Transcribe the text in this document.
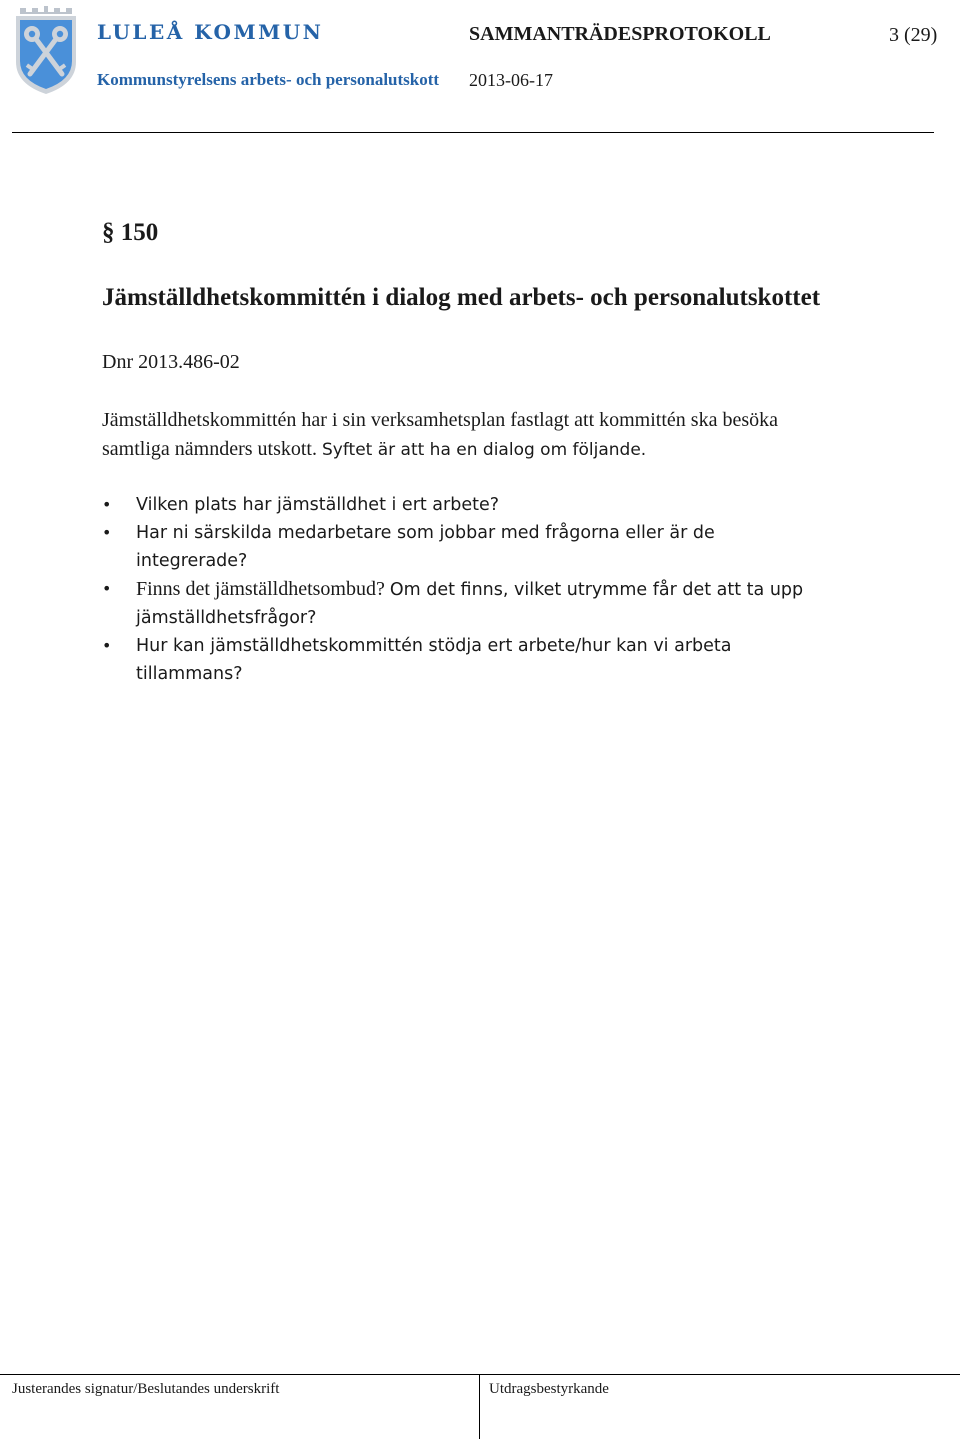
LULEÅ KOMMUN	SAMMANTRÄDESPROTOKOLL	3 (29)
Kommunstyrelsens arbets- och personalutskott 2013-06-17
§ 150
Jämställdhetskommittén i dialog med arbets- och personalutskottet
Dnr 2013.486-02

Jämställdhetskommittén har i sin verksamhetsplan fastlagt att kommittén ska besöka samtliga nämnders utskott. Syftet är att ha en dialog om följande.

• Vilken plats har jämställdhet i ert arbete?
• Har ni särskilda medarbetare som jobbar med frågorna eller är de integrerade?
• Finns det jämställdhetsombud? Om det finns, vilket utrymme får det att ta upp jämställdhetsfrågor?
• Hur kan jämställdhetskommittén stödja ert arbete/hur kan vi arbeta tillammans?
Justerandes signatur/Beslutandes underskrift	Utdragsbestyrkande
